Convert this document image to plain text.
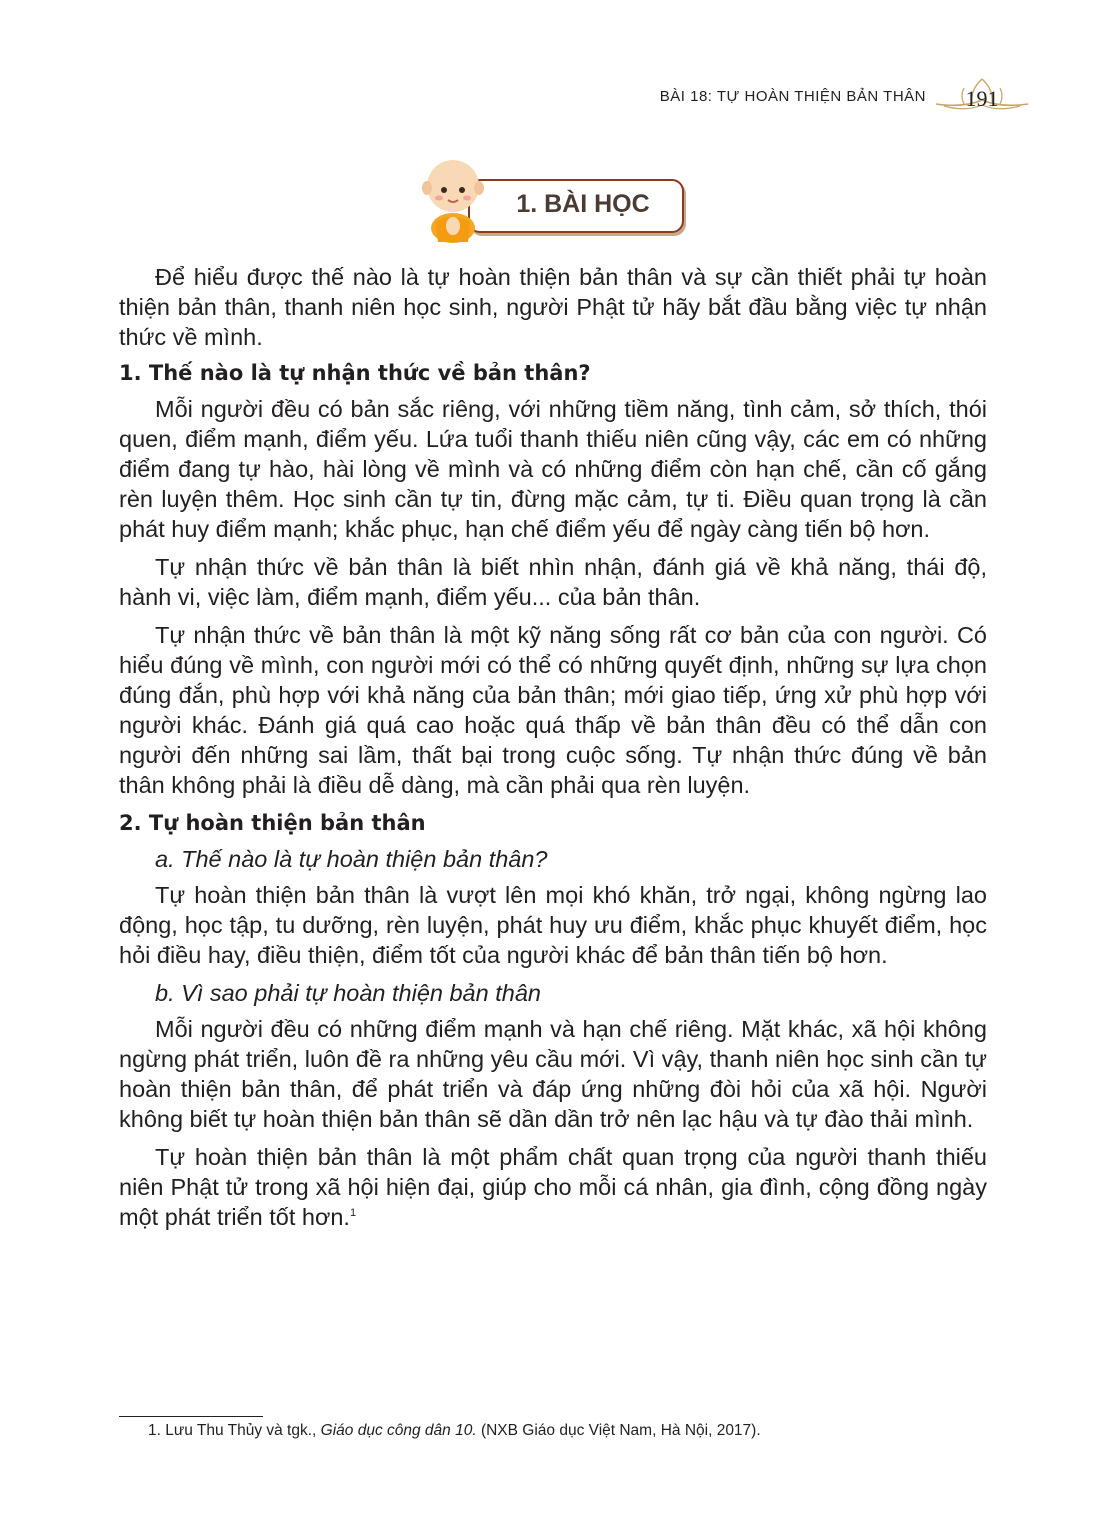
BÀI 18: TỰ HOÀN THIỆN BẢN THÂN	191
1. BÀI HỌC

Để hiểu được thế nào là tự hoàn thiện bản thân và sự cần thiết phải tự hoàn thiện bản thân, thanh niên học sinh, người Phật tử hãy bắt đầu bằng việc tự nhận thức về mình.

1. Thế nào là tự nhận thức về bản thân?

Mỗi người đều có bản sắc riêng, với những tiềm năng, tình cảm, sở thích, thói quen, điểm mạnh, điểm yếu. Lứa tuổi thanh thiếu niên cũng vậy, các em có những điểm đang tự hào, hài lòng về mình và có những điểm còn hạn chế, cần cố gắng rèn luyện thêm. Học sinh cần tự tin, đừng mặc cảm, tự ti. Điều quan trọng là cần phát huy điểm mạnh; khắc phục, hạn chế điểm yếu để ngày càng tiến bộ hơn.

Tự nhận thức về bản thân là biết nhìn nhận, đánh giá về khả năng, thái độ, hành vi, việc làm, điểm mạnh, điểm yếu... của bản thân.

Tự nhận thức về bản thân là một kỹ năng sống rất cơ bản của con người. Có hiểu đúng về mình, con người mới có thể có những quyết định, những sự lựa chọn đúng đắn, phù hợp với khả năng của bản thân; mới giao tiếp, ứng xử phù hợp với người khác. Đánh giá quá cao hoặc quá thấp về bản thân đều có thể dẫn con người đến những sai lầm, thất bại trong cuộc sống. Tự nhận thức đúng về bản thân không phải là điều dễ dàng, mà cần phải qua rèn luyện.

2. Tự hoàn thiện bản thân

a. Thế nào là tự hoàn thiện bản thân?

Tự hoàn thiện bản thân là vượt lên mọi khó khăn, trở ngại, không ngừng lao động, học tập, tu dưỡng, rèn luyện, phát huy ưu điểm, khắc phục khuyết điểm, học hỏi điều hay, điều thiện, điểm tốt của người khác để bản thân tiến bộ hơn.

b. Vì sao phải tự hoàn thiện bản thân

Mỗi người đều có những điểm mạnh và hạn chế riêng. Mặt khác, xã hội không ngừng phát triển, luôn đề ra những yêu cầu mới. Vì vậy, thanh niên học sinh cần tự hoàn thiện bản thân, để phát triển và đáp ứng những đòi hỏi của xã hội. Người không biết tự hoàn thiện bản thân sẽ dần dần trở nên lạc hậu và tự đào thải mình.

Tự hoàn thiện bản thân là một phẩm chất quan trọng của người thanh thiếu niên Phật tử trong xã hội hiện đại, giúp cho mỗi cá nhân, gia đình, cộng đồng ngày một phát triển tốt hơn.$^1$

1. Lưu Thu Thủy và tgk., Giáo dục công dân 10. (NXB Giáo dục Việt Nam, Hà Nội, 2017).
